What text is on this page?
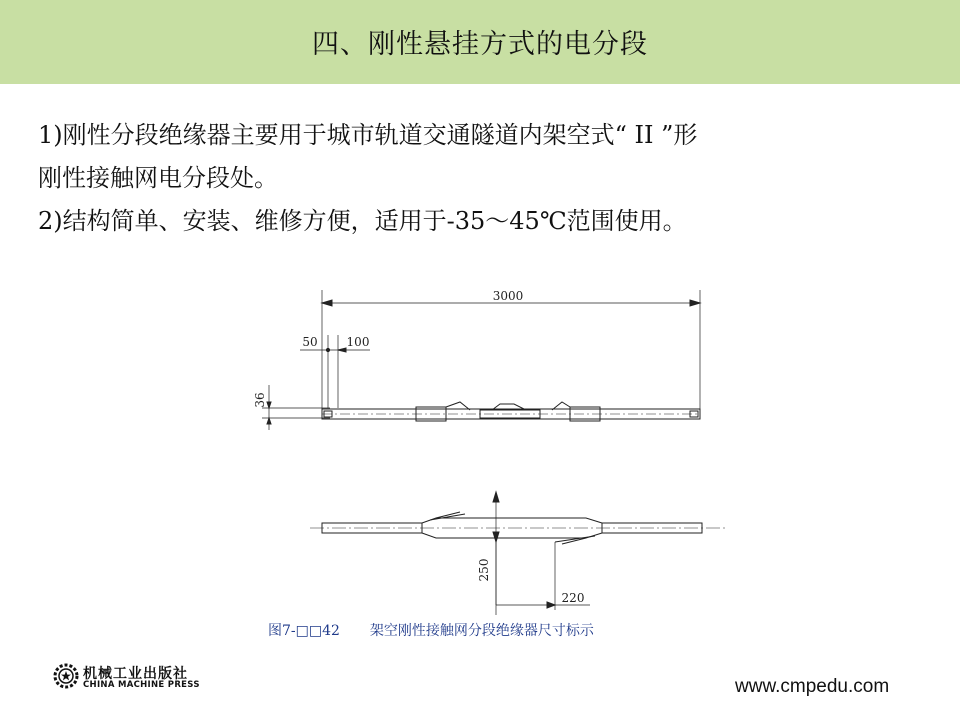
四、刚性悬挂方式的电分段

1)刚性分段绝缘器主要用于城市轨道交通隧道内架空式“ II ”形

刚性接触网电分段处。

2)结构简单、安装、维修方便，适用于-35～45℃范围使用。

3000
50 100
36
250
220
图7-□□42 架空刚性接触网分段绝缘器尺寸标示
机械工业出版社
CHINA MACHINE PRESS	www.cmpedu.com
